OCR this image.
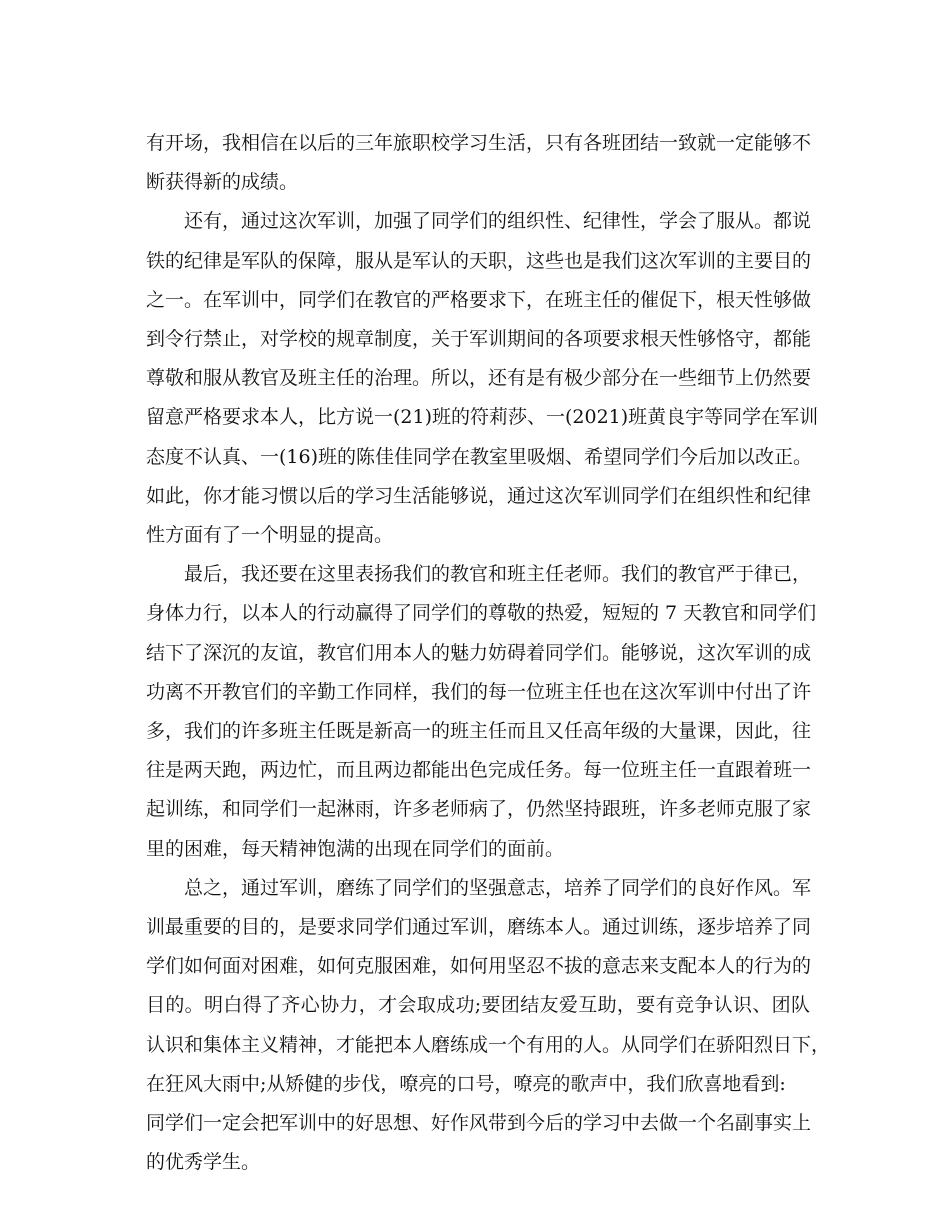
有开场，我相信在以后的三年旅职校学习生活，只有各班团结一致就一定能够不
断获得新的成绩。
还有，通过这次军训，加强了同学们的组织性、纪律性，学会了服从。都说
铁的纪律是军队的保障，服从是军认的天职，这些也是我们这次军训的主要目的
之一。在军训中，同学们在教官的严格要求下，在班主任的催促下，根天性够做
到令行禁止，对学校的规章制度，关于军训期间的各项要求根天性够恪守，都能
尊敬和服从教官及班主任的治理。所以，还有是有极少部分在一些细节上仍然要
留意严格要求本人，比方说一(21)班的符莉莎、一(2021)班黄良宇等同学在军训
态度不认真、一(16)班的陈佳佳同学在教室里吸烟、希望同学们今后加以改正。
如此，你才能习惯以后的学习生活能够说，通过这次军训同学们在组织性和纪律
性方面有了一个明显的提高。
最后，我还要在这里表扬我们的教官和班主任老师。我们的教官严于律已，
身体力行，以本人的行动赢得了同学们的尊敬的热爱，短短的 7 天教官和同学们
结下了深沉的友谊，教官们用本人的魅力妨碍着同学们。能够说，这次军训的成
功离不开教官们的辛勤工作同样，我们的每一位班主任也在这次军训中付出了许
多，我们的许多班主任既是新高一的班主任而且又任高年级的大量课，因此，往
往是两天跑，两边忙，而且两边都能出色完成任务。每一位班主任一直跟着班一
起训练，和同学们一起淋雨，许多老师病了，仍然坚持跟班，许多老师克服了家
里的困难，每天精神饱满的出现在同学们的面前。
总之，通过军训，磨练了同学们的坚强意志，培养了同学们的良好作风。军
训最重要的目的，是要求同学们通过军训，磨练本人。通过训练，逐步培养了同
学们如何面对困难，如何克服困难，如何用坚忍不拔的意志来支配本人的行为的
目的。明白得了齐心协力，才会取成功;要团结友爱互助，要有竞争认识、团队
认识和集体主义精神，才能把本人磨练成一个有用的人。从同学们在骄阳烈日下，
在狂风大雨中;从矫健的步伐，嘹亮的口号，嘹亮的歌声中，我们欣喜地看到:
同学们一定会把军训中的好思想、好作风带到今后的学习中去做一个名副事实上
的优秀学生。
